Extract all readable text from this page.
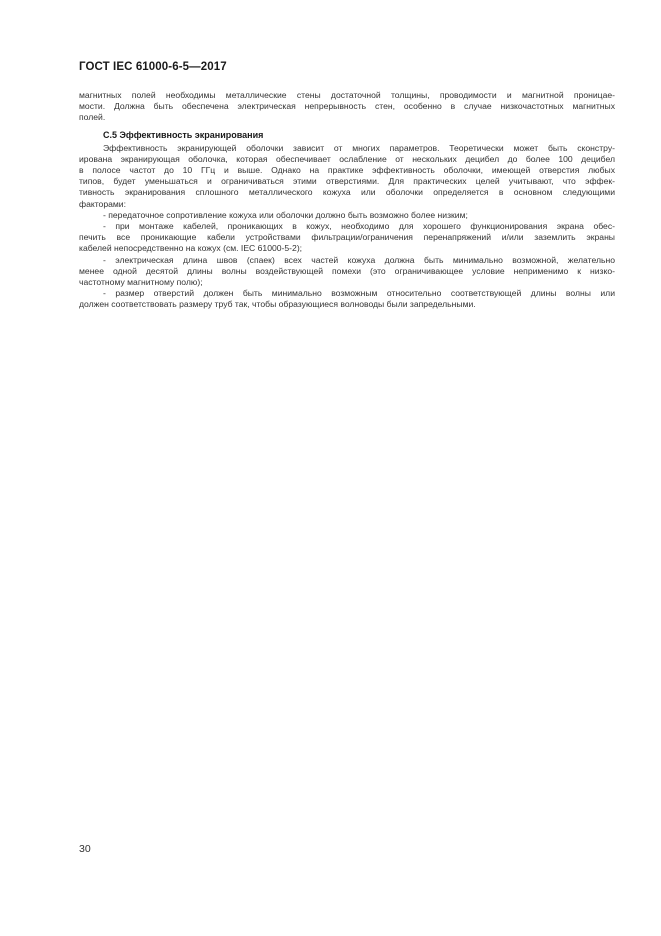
ГОСТ IEC 61000-6-5—2017
магнитных полей необходимы металлические стены достаточной толщины, проводимости и магнитной проницае-
мости. Должна быть обеспечена электрическая непрерывность стен, особенно в случае низкочастотных магнитных
полей.
С.5 Эффективность экранирования
Эффективность экранирующей оболочки зависит от многих параметров. Теоретически может быть сконстру-
ирована экранирующая оболочка, которая обеспечивает ослабление от нескольких децибел до более 100 децибел
в полосе частот до 10 ГГц и выше. Однако на практике эффективность оболочки, имеющей отверстия любых
типов, будет уменьшаться и ограничиваться этими отверстиями. Для практических целей учитывают, что эффек-
тивность экранирования сплошного металлического кожуха или оболочки определяется в основном следующими
факторами:
- передаточное сопротивление кожуха или оболочки должно быть возможно более низким;
- при монтаже кабелей, проникающих в кожух, необходимо для хорошего функционирования экрана обес-
печить все проникающие кабели устройствами фильтрации/ограничения перенапряжений и/или заземлить экраны
кабелей непосредственно на кожух (см. IEC 61000-5-2);
- электрическая длина швов (спаек) всех частей кожуха должна быть минимально возможной, желательно
менее одной десятой длины волны воздействующей помехи (это ограничивающее условие неприменимо к низко-
частотному магнитному полю);
- размер отверстий должен быть минимально возможным относительно соответствующей длины волны или
должен соответствовать размеру труб так, чтобы образующиеся волноводы были запредельными.
30
